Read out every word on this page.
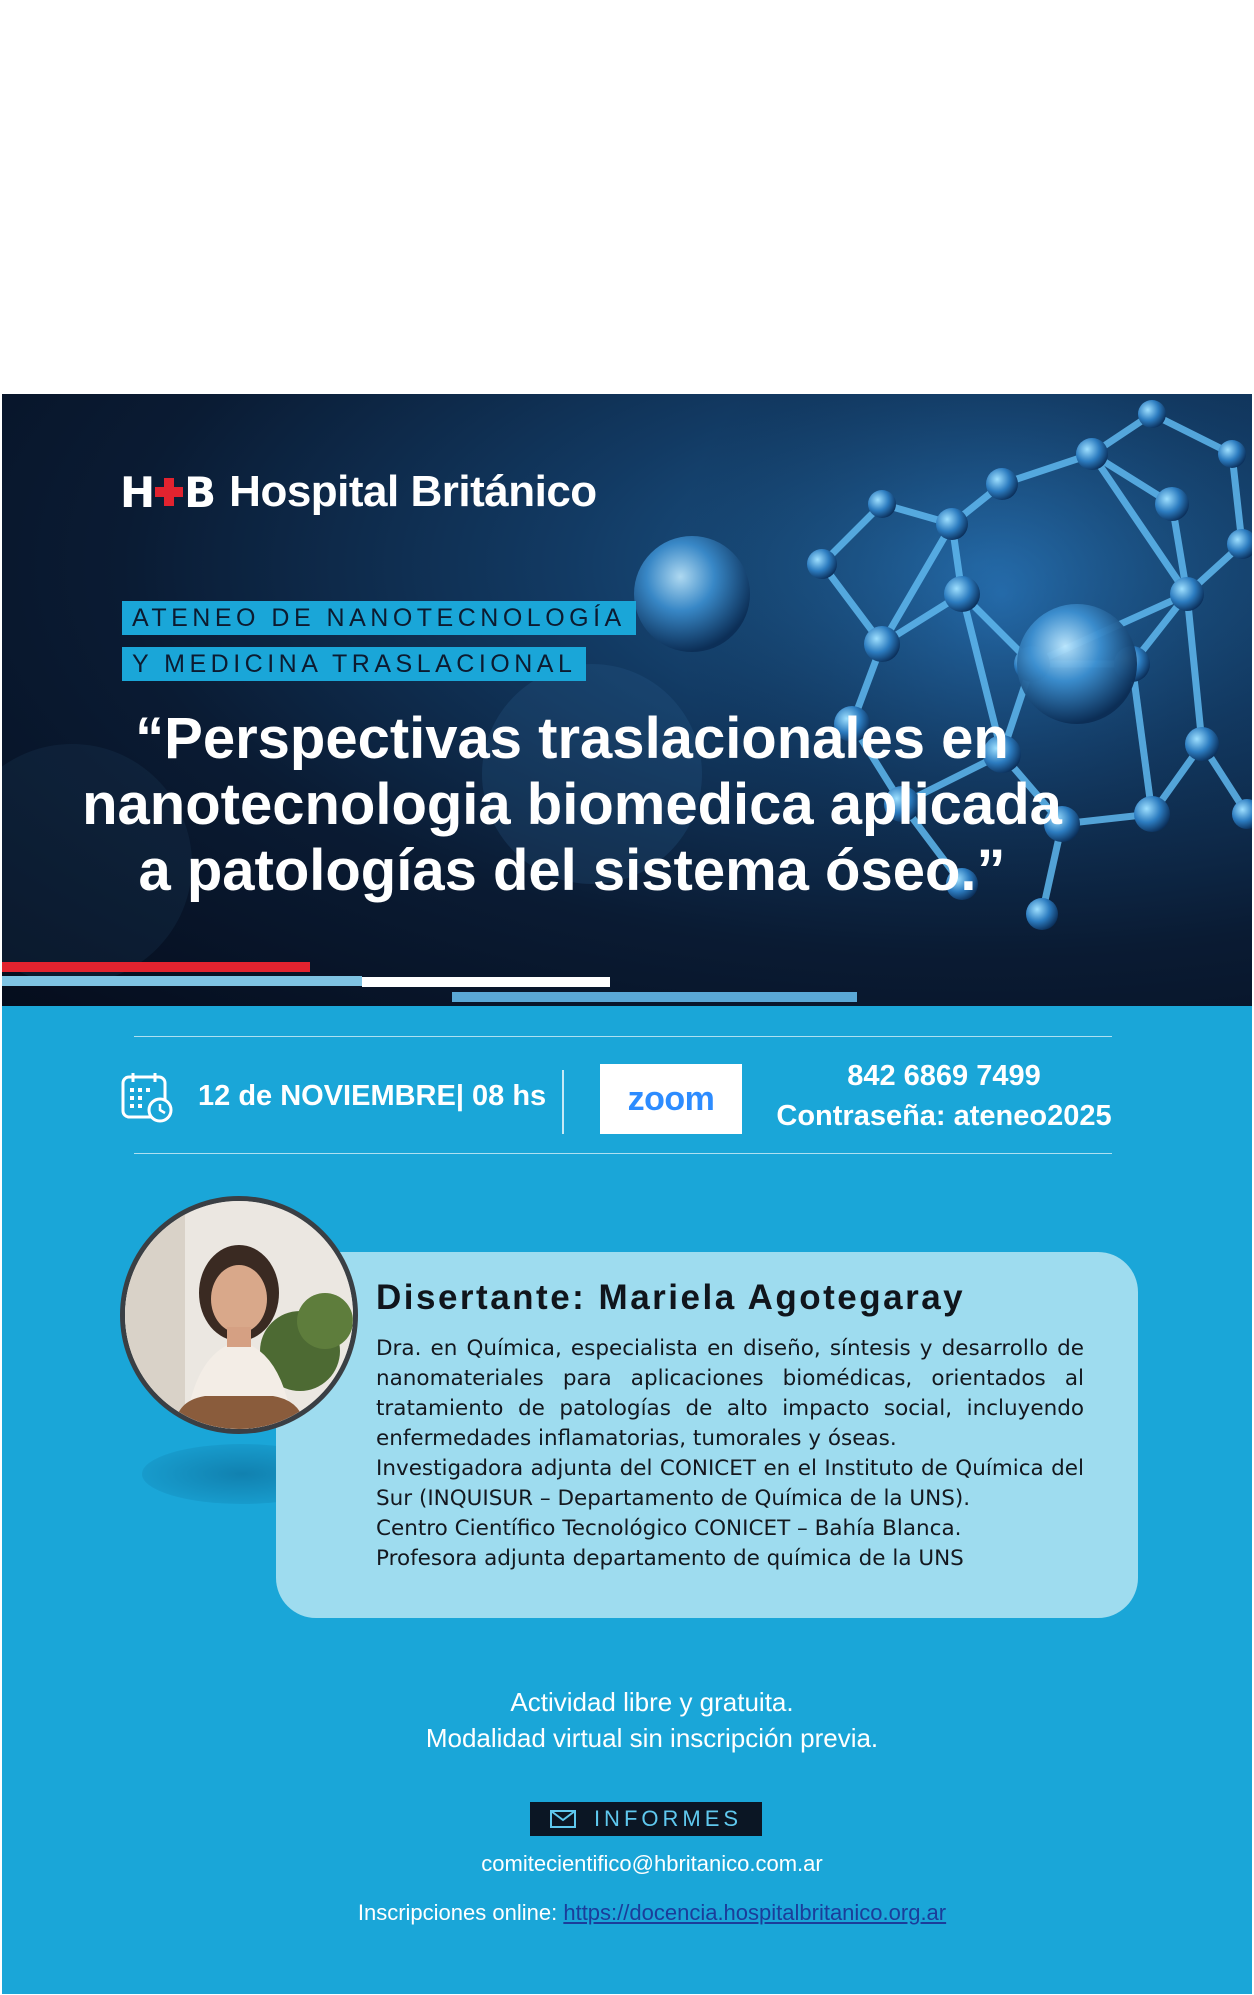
H B Hospital Británico
ATENEO DE NANOTECNOLOGÍA
Y MEDICINA TRASLACIONAL
“Perspectivas traslacionales en nanotecnologia biomedica aplicada a patologías del sistema óseo.”
12 de NOVIEMBRE| 08 hs	zoom
842 6869 7499
Contraseña: ateneo2025
Disertante: Mariela Agotegaray

Dra. en Química, especialista en diseño, síntesis y desarrollo de nanomateriales para aplicaciones biomédicas, orientados al tratamiento de patologías de alto impacto social, incluyendo enfermedades inflamatorias, tumorales y óseas.

Investigadora adjunta del CONICET en el Instituto de Química del Sur (INQUISUR – Departamento de Química de la UNS).

Centro Científico Tecnológico CONICET – Bahía Blanca.

Profesora adjunta departamento de química de la UNS

Actividad libre y gratuita.
Modalidad virtual sin inscripción previa.
INFORMES
comitecientifico@hbritanico.com.ar
Inscripciones online: https://docencia.hospitalbritanico.org.ar
